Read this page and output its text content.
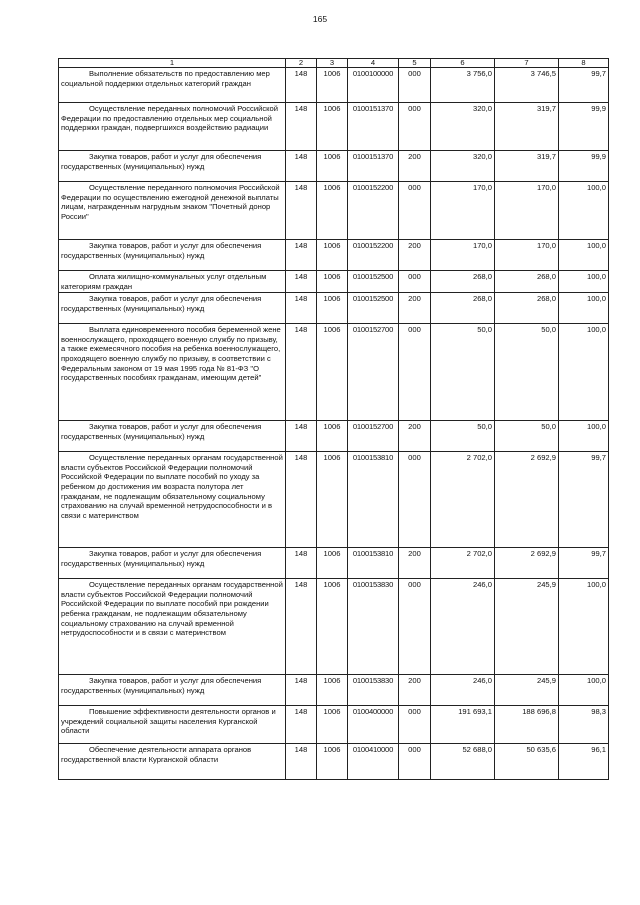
165
1	2	3	4	5	6	7	8
Выполнение обязательств по предоставлению мер социальной поддержки отдельных категорий граждан	148	1006	0100100000	000	3 756,0	3 746,5	99,7
Осуществление переданных полномочий Российской Федерации по предоставлению отдельных мер социальной поддержки граждан, подвергшихся воздействию радиации	148	1006	0100151370	000	320,0	319,7	99,9
Закупка товаров, работ и услуг для обеспечения государственных (муниципальных) нужд	148	1006	0100151370	200	320,0	319,7	99,9
Осуществление переданного полномочия Российской Федерации по осуществлению ежегодной денежной выплаты лицам, награжденным нагрудным знаком "Почетный донор России"	148	1006	0100152200	000	170,0	170,0	100,0
Закупка товаров, работ и услуг для обеспечения государственных (муниципальных) нужд	148	1006	0100152200	200	170,0	170,0	100,0
Оплата жилищно-коммунальных услуг отдельным категориям граждан	148	1006	0100152500	000	268,0	268,0	100,0
Закупка товаров, работ и услуг для обеспечения государственных (муниципальных) нужд	148	1006	0100152500	200	268,0	268,0	100,0
Выплата единовременного пособия беременной жене военнослужащего, проходящего военную службу по призыву, а также ежемесячного пособия на ребенка военнослужащего, проходящего военную службу по призыву, в соответствии с Федеральным законом от 19 мая 1995 года № 81-ФЗ "О государственных пособиях гражданам, имеющим детей"	148	1006	0100152700	000	50,0	50,0	100,0
Закупка товаров, работ и услуг для обеспечения государственных (муниципальных) нужд	148	1006	0100152700	200	50,0	50,0	100,0
Осуществление переданных органам государственной власти субъектов Российской Федерации полномочий Российской Федерации по выплате пособий по уходу за ребенком до достижения им возраста полутора лет гражданам, не подлежащим обязательному социальному страхованию на случай временной нетрудоспособности и в связи с материнством	148	1006	0100153810	000	2 702,0	2 692,9	99,7
Закупка товаров, работ и услуг для обеспечения государственных (муниципальных) нужд	148	1006	0100153810	200	2 702,0	2 692,9	99,7
Осуществление переданных органам государственной власти субъектов Российской Федерации полномочий Российской Федерации по выплате пособий при рождении ребенка гражданам, не подлежащим обязательному социальному страхованию на случай временной нетрудоспособности и в связи с материнством	148	1006	0100153830	000	246,0	245,9	100,0
Закупка товаров, работ и услуг для обеспечения государственных (муниципальных) нужд	148	1006	0100153830	200	246,0	245,9	100,0
Повышение эффективности деятельности органов и учреждений социальной защиты населения Курганской области	148	1006	0100400000	000	191 693,1	188 696,8	98,3
Обеспечение деятельности аппарата органов государственной власти Курганской области	148	1006	0100410000	000	52 688,0	50 635,6	96,1
